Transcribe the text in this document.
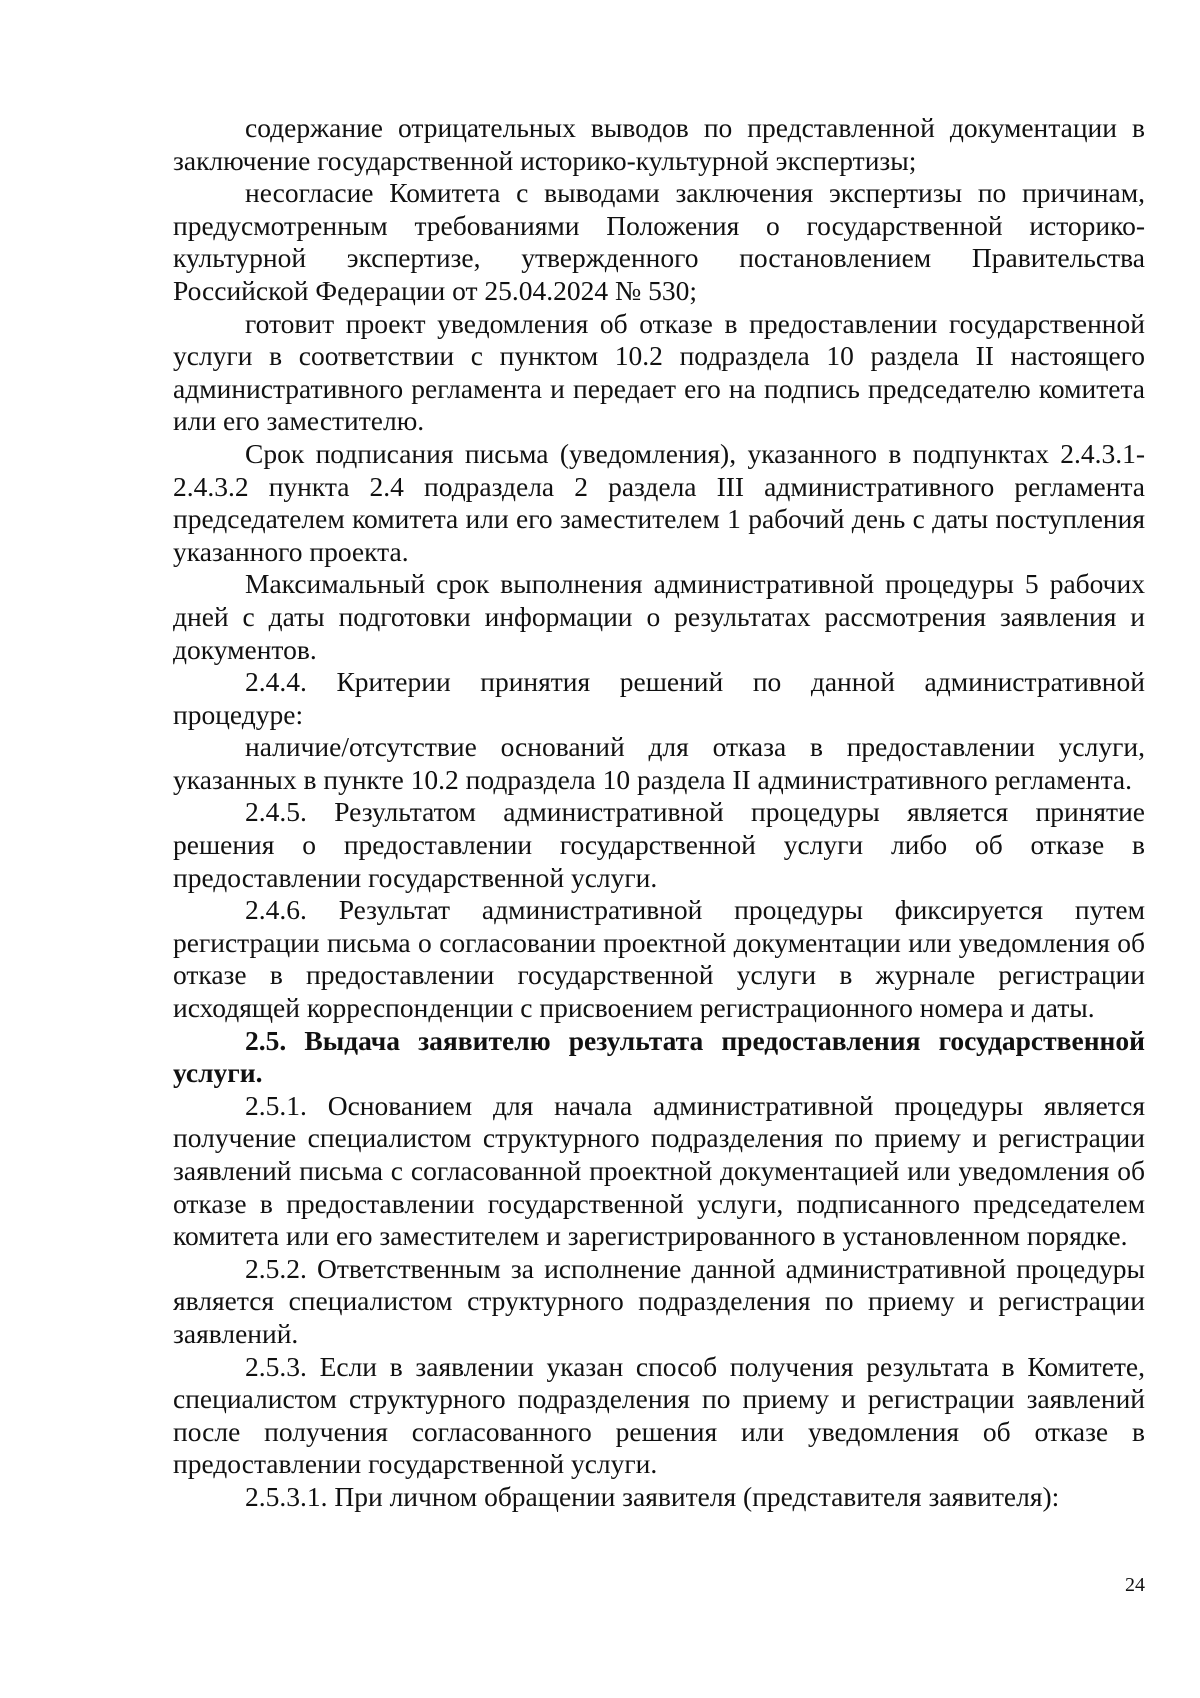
содержание отрицательных выводов по представленной документации в заключение государственной историко-культурной экспертизы;

несогласие Комитета с выводами заключения экспертизы по причинам, предусмотренным требованиями Положения о государственной историко-культурной экспертизе, утвержденного постановлением Правительства Российской Федерации от 25.04.2024 № 530;

готовит проект уведомления об отказе в предоставлении государственной услуги в соответствии с пунктом 10.2 подраздела 10 раздела II настоящего административного регламента и передает его на подпись председателю комитета или его заместителю.

Срок подписания письма (уведомления), указанного в подпунктах 2.4.3.1-2.4.3.2 пункта 2.4 подраздела 2 раздела III административного регламента председателем комитета или его заместителем 1 рабочий день с даты поступления указанного проекта.

Максимальный срок выполнения административной процедуры 5 рабочих дней с даты подготовки информации о результатах рассмотрения заявления и документов.

2.4.4. Критерии принятия решений по данной административной процедуре:

наличие/отсутствие оснований для отказа в предоставлении услуги, указанных в пункте 10.2 подраздела 10 раздела II административного регламента.

2.4.5. Результатом административной процедуры является принятие решения о предоставлении государственной услуги либо об отказе в предоставлении государственной услуги.

2.4.6. Результат административной процедуры фиксируется путем регистрации письма о согласовании проектной документации или уведомления об отказе в предоставлении государственной услуги в журнале регистрации исходящей корреспонденции с присвоением регистрационного номера и даты.

2.5. Выдача заявителю результата предоставления государственной услуги.

2.5.1. Основанием для начала административной процедуры является получение специалистом структурного подразделения по приему и регистрации заявлений письма с согласованной проектной документацией или уведомления об отказе в предоставлении государственной услуги, подписанного председателем комитета или его заместителем и зарегистрированного в установленном порядке.

2.5.2. Ответственным за исполнение данной административной процедуры является специалистом структурного подразделения по приему и регистрации заявлений.

2.5.3. Если в заявлении указан способ получения результата в Комитете, специалистом структурного подразделения по приему и регистрации заявлений после получения согласованного решения или уведомления об отказе в предоставлении государственной услуги.

2.5.3.1. При личном обращении заявителя (представителя заявителя):

24
